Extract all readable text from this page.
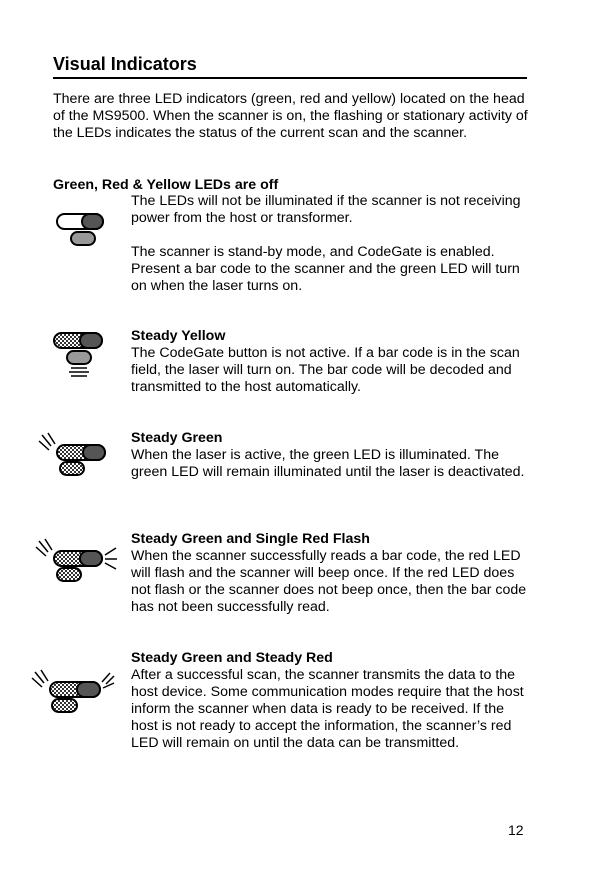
Visual Indicators

There are three LED indicators (green, red and yellow) located on the head of the MS9500. When the scanner is on, the flashing or stationary activity of the LEDs indicates the status of the current scan and the scanner.

Green, Red & Yellow LEDs are off

The LEDs will not be illuminated if the scanner is not receiving power from the host or transformer.

The scanner is stand-by mode, and CodeGate is enabled. Present a bar code to the scanner and the green LED will turn on when the laser turns on.

Steady Yellow

The CodeGate button is not active. If a bar code is in the scan field, the laser will turn on. The bar code will be decoded and transmitted to the host automatically.

Steady Green

When the laser is active, the green LED is illuminated. The green LED will remain illuminated until the laser is deactivated.

Steady Green and Single Red Flash

When the scanner successfully reads a bar code, the red LED will flash and the scanner will beep once. If the red LED does not flash or the scanner does not beep once, then the bar code has not been successfully read.

Steady Green and Steady Red

After a successful scan, the scanner transmits the data to the host device. Some communication modes require that the host inform the scanner when data is ready to be received. If the host is not ready to accept the information, the scanner’s red LED will remain on until the data can be transmitted.

12
